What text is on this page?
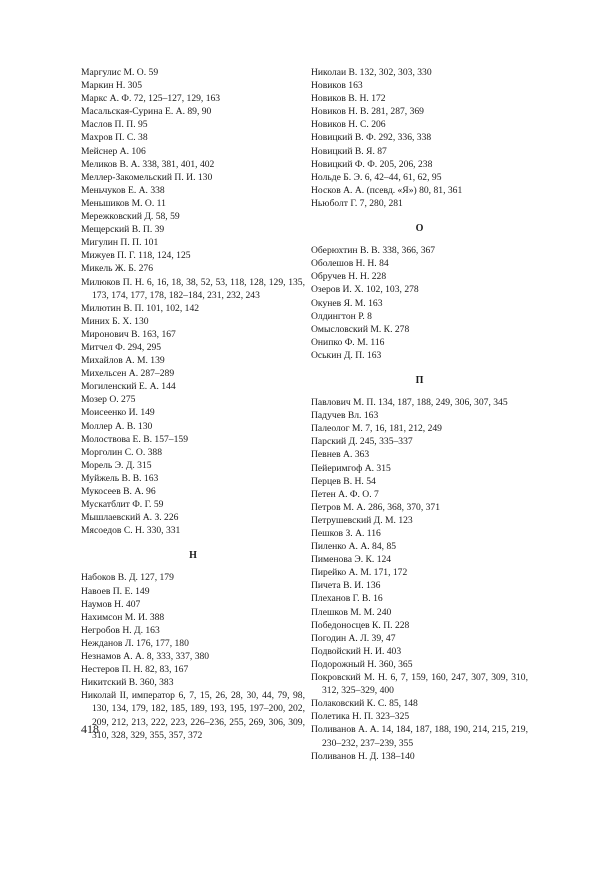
Маргулис М. О. 59
Маркин Н. 305
Маркс А. Ф. 72, 125–127, 129, 163
Масальская-Сурина Е. А. 89, 90
Маслов П. П. 95
Махров П. С. 38
Мейснер А. 106
Меликов В. А. 338, 381, 401, 402
Меллер-Закомельский П. И. 130
Меньчуков Е. А. 338
Меньшиков М. О. 11
Мережковский Д. 58, 59
Мещерский В. П. 39
Мигулин П. П. 101
Мижуев П. Г. 118, 124, 125
Микель Ж. Б. 276
Милюков П. Н. 6, 16, 18, 38, 52, 53, 118, 128, 129, 135, 173, 174, 177, 178, 182–184, 231, 232, 243
Милютин В. П. 101, 102, 142
Миних Б. Х. 130
Миронович В. 163, 167
Митчел Ф. 294, 295
Михайлов А. М. 139
Михельсен А. 287–289
Могиленский Е. А. 144
Мозер О. 275
Моисеенко И. 149
Моллер А. В. 130
Молоствова Е. В. 157–159
Морголин С. О. 388
Морель Э. Д. 315
Муйжель В. В. 163
Мукосеев В. А. 96
Мускатблит Ф. Г. 59
Мышлаевский А. З. 226
Мясоедов С. Н. 330, 331
Н
Набоков В. Д. 127, 179
Навоев П. Е. 149
Наумов Н. 407
Нахимсон М. И. 388
Негробов Н. Д. 163
Неждaнов Л. 176, 177, 180
Незнамов А. А. 8, 333, 337, 380
Нестеров П. Н. 82, 83, 167
Никитский В. 360, 383
Николай II, император 6, 7, 15, 26, 28, 30, 44, 79, 98, 130, 134, 179, 182, 185, 189, 193, 195, 197–200, 202, 209, 212, 213, 222, 223, 226–236, 255, 269, 306, 309, 310, 328, 329, 355, 357, 372
Николаи В. 132, 302, 303, 330
Новиков 163
Новиков В. Н. 172
Новиков Н. В. 281, 287, 369
Новиков Н. С. 206
Новицкий В. Ф. 292, 336, 338
Новицкий В. Я. 87
Новицкий Ф. Ф. 205, 206, 238
Нольде Б. Э. 6, 42–44, 61, 62, 95
Носков А. А. (псевд. «Я») 80, 81, 361
Ньюболт Г. 7, 280, 281
О
Оберюхтин В. В. 338, 366, 367
Оболешов Н. Н. 84
Обручев Н. Н. 228
Озеров И. Х. 102, 103, 278
Окунев Я. М. 163
Олдингтон Р. 8
Омысловский М. К. 278
Онипко Ф. М. 116
Оськин Д. П. 163
П
Павлович М. П. 134, 187, 188, 249, 306, 307, 345
Падучев Вл. 163
Палеолог М. 7, 16, 181, 212, 249
Парский Д. 245, 335–337
Певнев А. 363
Пейеримгоф А. 315
Перцев В. Н. 54
Петен А. Ф. О. 7
Петров М. А. 286, 368, 370, 371
Петрушевский Д. М. 123
Пешков З. А. 116
Пиленко А. А. 84, 85
Пименова Э. К. 124
Пирейко А. М. 171, 172
Пичета В. И. 136
Плеханов Г. В. 16
Плешков М. М. 240
Победоносцев К. П. 228
Погодин А. Л. 39, 47
Подвойский Н. И. 403
Подорожный Н. 360, 365
Покровский М. Н. 6, 7, 159, 160, 247, 307, 309, 310, 312, 325–329, 400
Полаковский К. С. 85, 148
Полетика Н. П. 323–325
Поливанов А. А. 14, 184, 187, 188, 190, 214, 215, 219, 230–232, 237–239, 355
Поливанов Н. Д. 138–140
418
